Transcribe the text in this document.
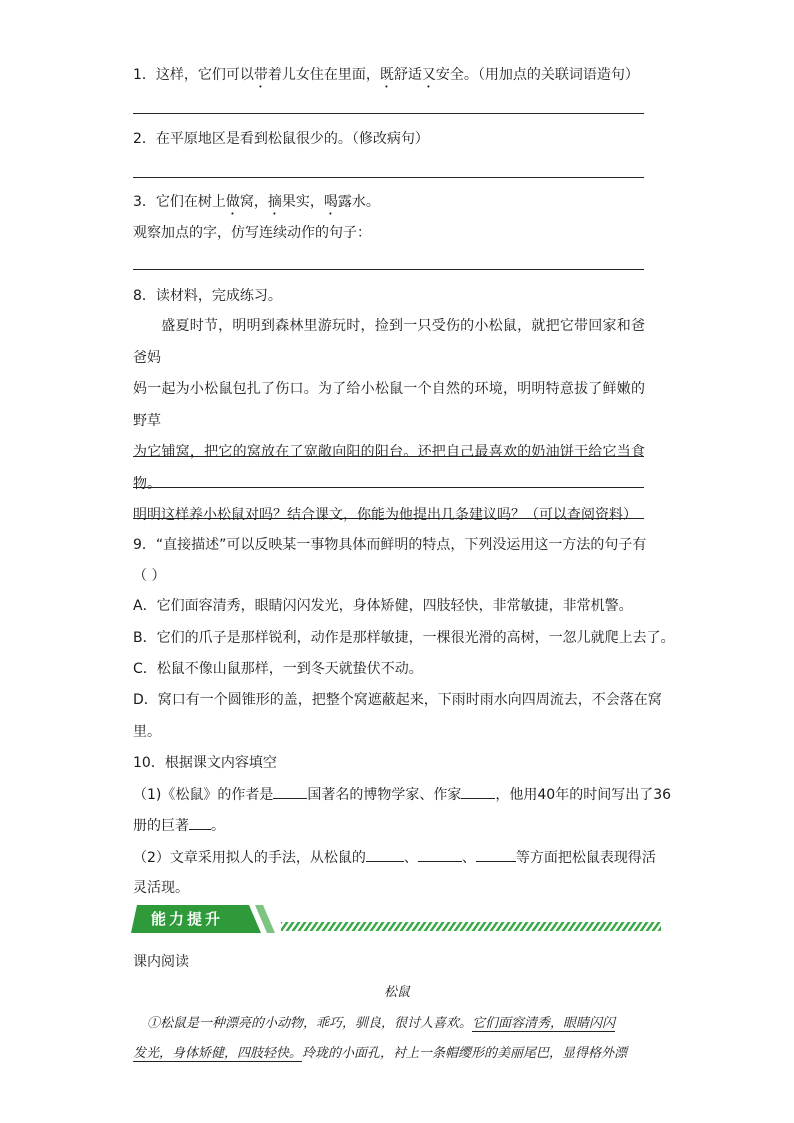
1．这样，它们可以带着儿女住在里面，既舒适又安全。（用加点的关联词语造句）
2．在平原地区是看到松鼠很少的。（修改病句）
3．它们在树上做窝，摘果实，喝露水。
观察加点的字，仿写连续动作的句子：
8．读材料，完成练习。
盛夏时节，明明到森林里游玩时，捡到一只受伤的小松鼠，就把它带回家和爸爸妈
妈一起为小松鼠包扎了伤口。为了给小松鼠一个自然的环境，明明特意拔了鲜嫩的野草
为它铺窝，把它的窝放在了宽敞向阳的阳台。还把自己最喜欢的奶油饼干给它当食物。
明明这样养小松鼠对吗？结合课文，你能为他提出几条建议吗？（可以查阅资料）
9．“直接描述”可以反映某一事物具体而鲜明的特点，下列没运用这一方法的句子有
（ ）
A．它们面容清秀，眼睛闪闪发光，身体矫健，四肢轻快，非常敏捷，非常机警。
B．它们的爪子是那样锐利，动作是那样敏捷，一棵很光滑的高树，一忽儿就爬上去了。
C．松鼠不像山鼠那样，一到冬天就蛰伏不动。
D．窝口有一个圆锥形的盖，把整个窝遮蔽起来，下雨时雨水向四周流去，不会落在窝
里。
10．根据课文内容填空
（1)《松鼠》的作者是 国著名的博物学家、作家 ，他用40年的时间写出了36
册的巨著 。
（2）文章采用拟人的手法，从松鼠的	、	、	等方面把松鼠表现得活
灵活现。
能力提升
课内阅读
松鼠
①松鼠是一种漂亮的小动物，乖巧，驯良，很讨人喜欢。它们面容清秀，眼睛闪闪
发光，身体矫健，四肢轻快。玲珑的小面孔，衬上一条帽缨形的美丽尾巴，显得格外漂
